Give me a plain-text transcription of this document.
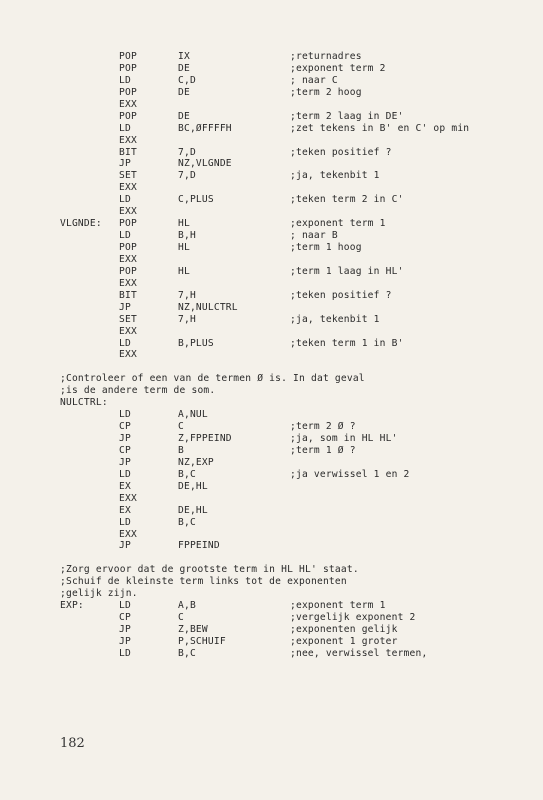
POP	IX	;returnadres
POP	DE	;exponent term 2
LD	C,D	; naar C
POP	DE	;term 2 hoog
EXX
POP	DE	;term 2 laag in DE'
LD	BC,ØFFFFH	;zet tekens in B' en C' op min
EXX
BIT	7,D	;teken positief ?
JP	NZ,VLGNDE
SET	7,D	;ja, tekenbit 1
EXX
LD	C,PLUS	;teken term 2 in C'
EXX
VLGNDE: POP	HL	;exponent term 1
LD	B,H	; naar B
POP	HL	;term 1 hoog
EXX
POP	HL	;term 1 laag in HL'
EXX
BIT	7,H	;teken positief ?
JP	NZ,NULCTRL
SET	7,H	;ja, tekenbit 1
EXX
LD	B,PLUS	;teken term 1 in B'
EXX
;Controleer of een van de termen Ø is. In dat geval
;is de andere term de som.
NULCTRL:
LD	A,NUL
CP	C	;term 2 Ø ?
JP	Z,FPPEIND	;ja, som in HL HL'
CP	B	;term 1 Ø ?
JP	NZ,EXP
LD	B,C	;ja verwissel 1 en 2
EX	DE,HL
EXX
EX	DE,HL
LD	B,C
EXX
JP	FPPEIND
;Zorg ervoor dat de grootste term in HL HL' staat.
;Schuif de kleinste term links tot de exponenten
;gelijk zijn.
EXP:	LD	A,B	;exponent term 1
CP	C	;vergelijk exponent 2
JP	Z,BEW	;exponenten gelijk
JP	P,SCHUIF	;exponent 1 groter
LD	B,C	;nee, verwissel termen,
182
